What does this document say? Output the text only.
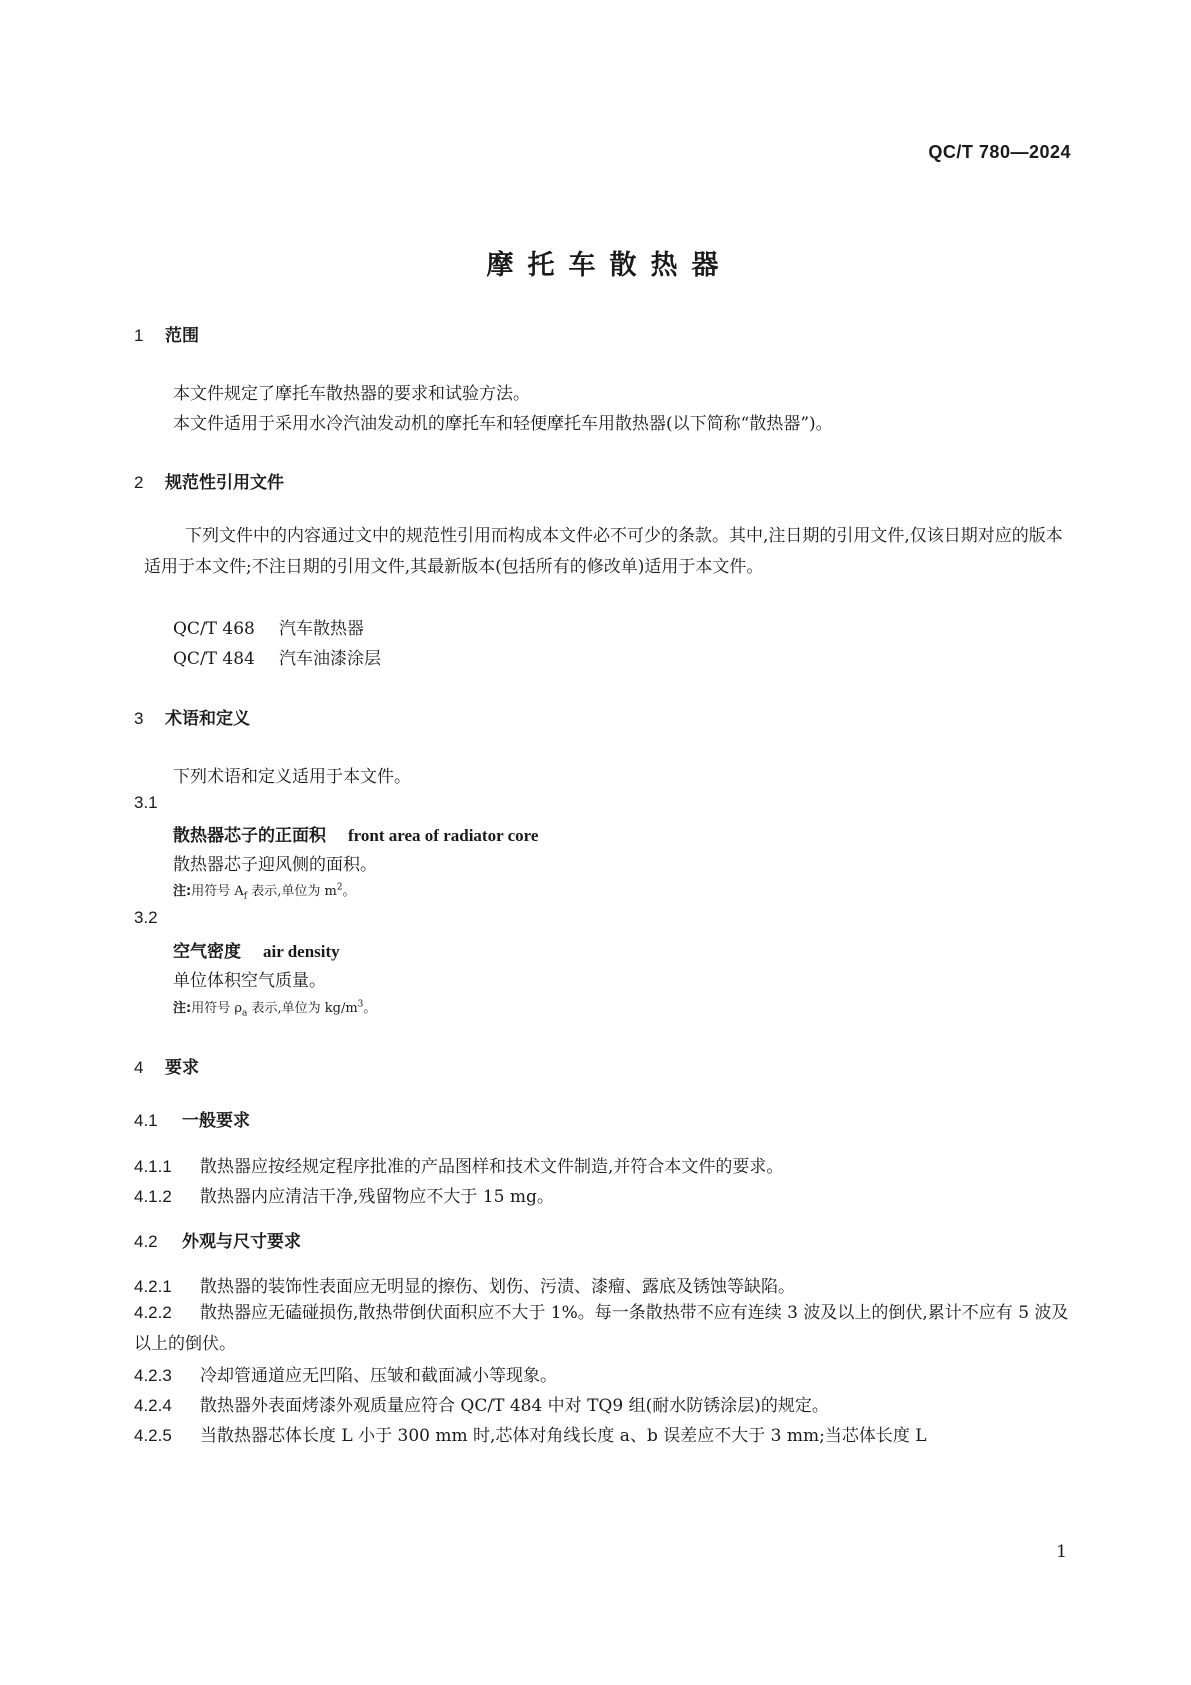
QC/T 780—2024
摩托车散热器
1 范围
本文件规定了摩托车散热器的要求和试验方法。
本文件适用于采用水冷汽油发动机的摩托车和轻便摩托车用散热器(以下简称“散热器”)。
2 规范性引用文件
下列文件中的内容通过文中的规范性引用而构成本文件必不可少的条款。其中,注日期的引用文件,仅该日期对应的版本适用于本文件;不注日期的引用文件,其最新版本(包括所有的修改单)适用于本文件。
QC/T 468 汽车散热器
QC/T 484 汽车油漆涂层
3 术语和定义
下列术语和定义适用于本文件。
3.1
散热器芯子的正面积 front area of radiator core
散热器芯子迎风侧的面积。
注:用符号 $A_f$ 表示,单位为 $m^2$。
3.2
空气密度 air density
单位体积空气质量。
注:用符号 $\rho_a$ 表示,单位为 $kg/m^3$。
4 要求
4.1 一般要求
4.1.1 散热器应按经规定程序批准的产品图样和技术文件制造,并符合本文件的要求。
4.1.2 散热器内应清洁干净,残留物应不大于 15 mg。
4.2 外观与尺寸要求
4.2.1 散热器的装饰性表面应无明显的擦伤、划伤、污渍、漆瘤、露底及锈蚀等缺陷。
4.2.2 散热器应无磕碰损伤,散热带倒伏面积应不大于 1%。每一条散热带不应有连续 3 波及以上的倒伏,累计不应有 5 波及以上的倒伏。
4.2.3 冷却管通道应无凹陷、压皱和截面减小等现象。
4.2.4 散热器外表面烤漆外观质量应符合 QC/T 484 中对 TQ9 组(耐水防锈涂层)的规定。
4.2.5 当散热器芯体长度 L 小于 300 mm 时,芯体对角线长度 a、b 误差应不大于 3 mm;当芯体长度 L
1
